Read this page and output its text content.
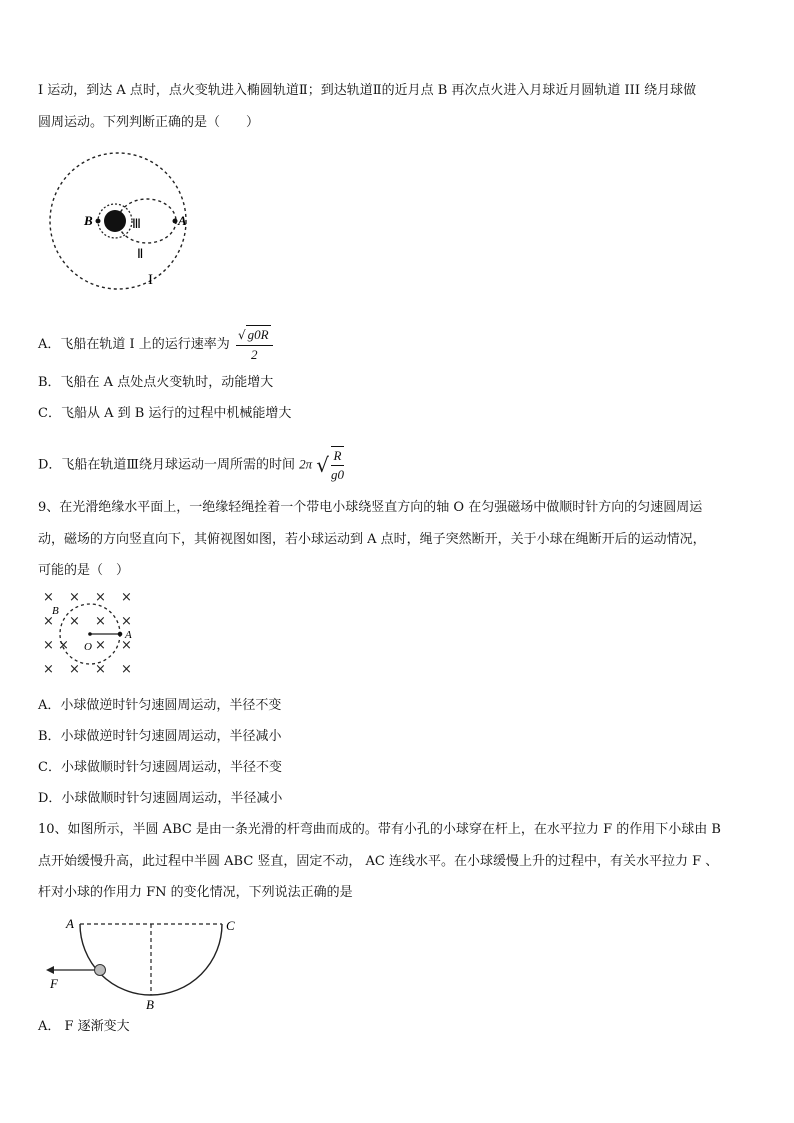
I 运动，到达 A 点时，点火变轨进入椭圆轨道Ⅱ；到达轨道Ⅱ的近月点 B 再次点火进入月球近月圆轨道 III 绕月球做
圆周运动。下列判断正确的是（　　）
B	A
Ⅲ
Ⅱ
I
A．飞船在轨道 I 上的运行速率为 $\frac{√ g0R}{2}$
B．飞船在 A 点处点火变轨时，动能增大
C．飞船从 A 到 B 运行的过程中机械能增大
D．飞船在轨道Ⅲ绕月球运动一周所需的时间 2π √ $\frac{R}{g0}$
9、在光滑绝缘水平面上，一绝缘轻绳拴着一个带电小球绕竖直方向的轴 O 在匀强磁场中做顺时针方向的匀速圆周运
动，磁场的方向竖直向下，其俯视图如图，若小球运动到 A 点时，绳子突然断开，关于小球在绳断开后的运动情况，
可能的是（　）
× × × ×
× × × ×
× × × ×
× × × ×
B
A
O
A．小球做逆时针匀速圆周运动，半径不变
B．小球做逆时针匀速圆周运动，半径减小
C．小球做顺时针匀速圆周运动，半径不变
D．小球做顺时针匀速圆周运动，半径减小
10、如图所示，半圆 ABC 是由一条光滑的杆弯曲而成的。带有小孔的小球穿在杆上，在水平拉力 F 的作用下小球由 B
点开始缓慢升高，此过程中半圆 ABC 竖直，固定不动， AC 连线水平。在小球缓慢上升的过程中，有关水平拉力 F 、
杆对小球的作用力 FN 的变化情况，下列说法正确的是
A	C
B
F
A． F 逐渐变大
